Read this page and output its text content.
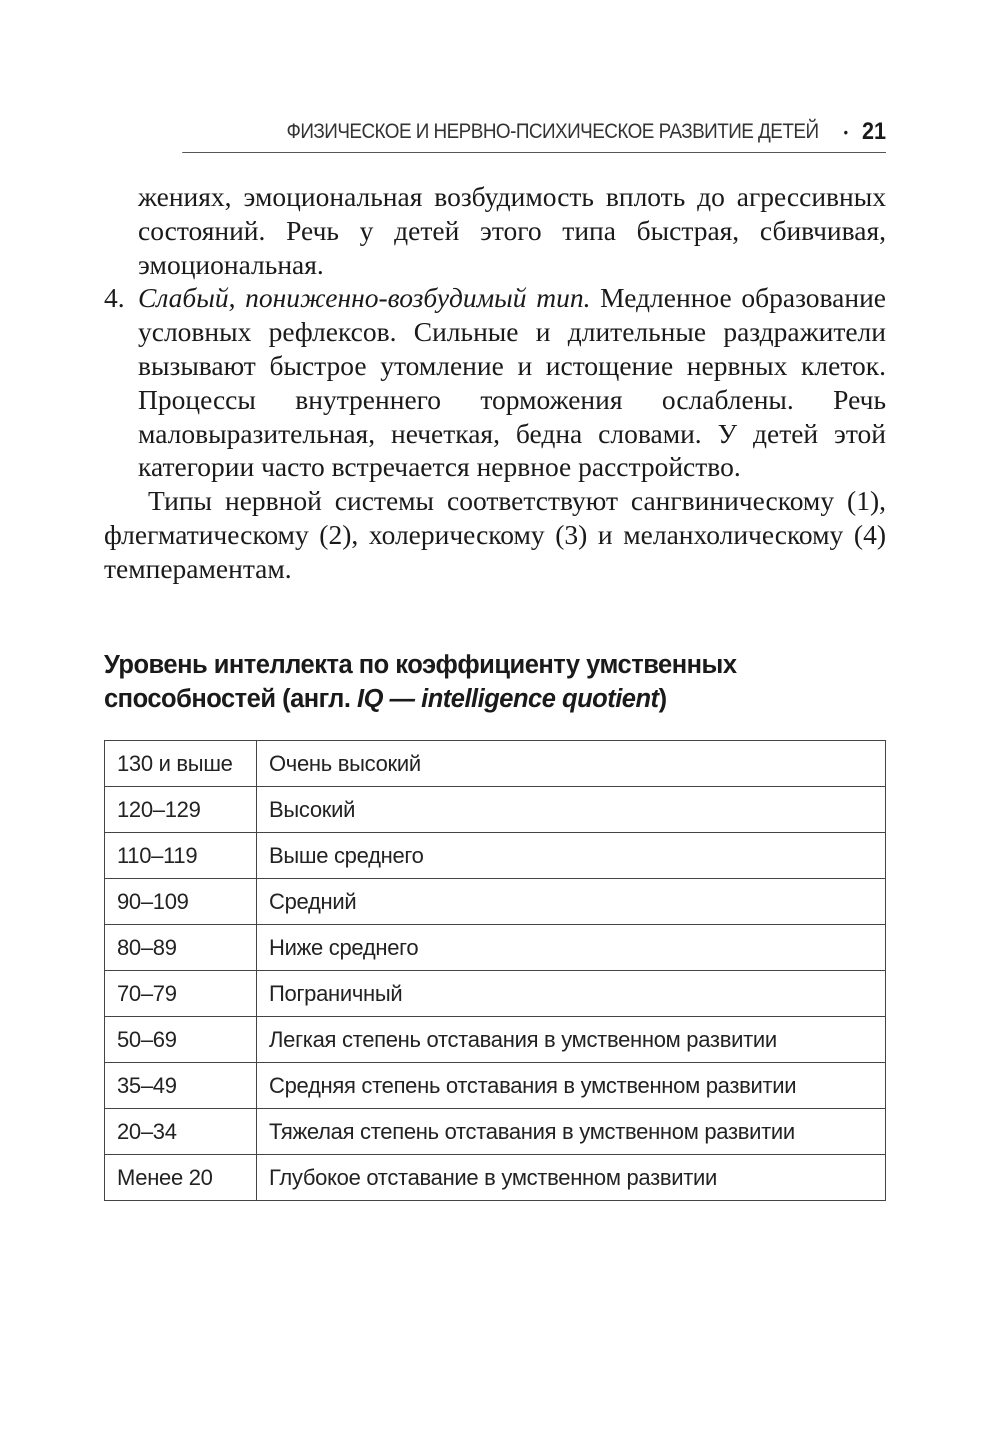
ФИЗИЧЕСКОЕ И НЕРВНО-ПСИХИЧЕСКОЕ РАЗВИТИЕ ДЕТЕЙ • 21

жениях, эмоциональная возбудимость вплоть до агрессивных состояний. Речь у детей этого типа быстрая, сбивчивая, эмоциональная.

4. Слабый, пониженно-возбудимый тип. Медленное образование условных рефлексов. Сильные и длительные раздражители вызывают быстрое утомление и истощение нервных клеток. Процессы внутреннего торможения ослаблены. Речь маловыразительная, нечеткая, бедна словами. У детей этой категории часто встречается нервное расстройство.

Типы нервной системы соответствуют сангвиническому (1), флегматическому (2), холерическому (3) и меланхолическому (4) темпераментам.

Уровень интеллекта по коэффициенту умственных способностей (англ. IQ — intelligence quotient)
130 и выше	Очень высокий
120–129	Высокий
110–119	Выше среднего
90–109	Средний
80–89	Ниже среднего
70–79	Пограничный
50–69	Легкая степень отставания в умственном развитии
35–49	Средняя степень отставания в умственном развитии
20–34	Тяжелая степень отставания в умственном развитии
Менее 20	Глубокое отставание в умственном развитии
